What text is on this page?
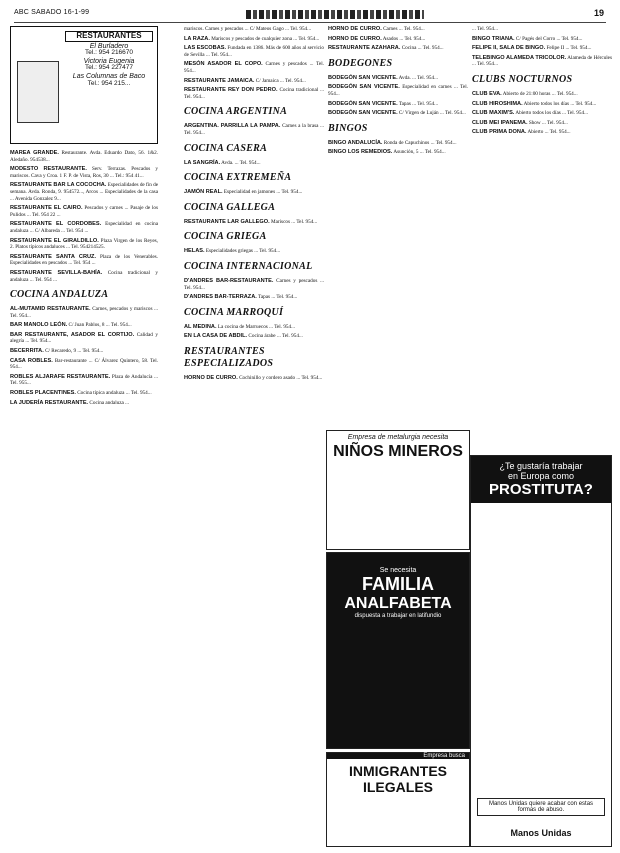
ABC SABADO 16-1-99	19
RESTAURANTES
El Burladero
Tel.: 954 216670
Victoria Eugenia
Tel.: 954 227477
Las Columnas de Baco
Tel.: 954 215...
MAREA GRANDE. Restaurante. Avda. Eduardo Dato, 56. 1&2. Aledaño. 954538...
MODESTO RESTAURANTE. Serv. Terrazas. Pescados y mariscos. Cava y Croa. 1 F. P. de Vista, Ros, 30 ... Tel.: 954 41...
RESTAURANTE BAR LA COCOCHA. Especialidades de fin de semana. Avda. Ronda, 9. 954572..., Arcos ... Especialidades de la casa ... Avenida Gonzalez 9...
RESTAURANTE EL CAIRO. Pescados y carnes ... Pasaje de los Pulidos ... Tel. 954 22 ...
RESTAURANTE EL CORDOBES. Especialidad en cocina andaluza ... C/ Albareda ... Tel. 954 ...
RESTAURANTE EL GIRALDILLO. Plaza Virgen de los Reyes, 2. Platos típicos andaluces ... Tel. 954214525.
RESTAURANTE SANTA CRUZ. Plaza de los Venerables. Especialidades en pescados ... Tel. 954 ...
RESTAURANTE SEVILLA-BAHÍA. Cocina tradicional y andaluza ... Tel. 954 ...
COCINA ANDALUZA
AL-MUTAMID RESTAURANTE. Carnes, pescados y mariscos ... Tel. 954...
BAR MANOLO LEÓN. C/ Juan Pablos, 8 ... Tel. 954...
BAR RESTAURANTE, ASADOR EL CORTIJO. Calidad y alegría ... Tel. 954...
BECERRITA. C/ Recaredo, 9 ... Tel. 954...
CASA ROBLES. Bar-restaurante ... C/ Álvarez Quintero, 58. Tel. 954...
ROBLES ALJARAFE RESTAURANTE. Plaza de Andalucía ... Tel. 955...
ROBLES PLACENTINES. Cocina típica andaluza ... Tel. 954...
LA JUDERÍA RESTAURANTE. Cocina andaluza ...
mariscos. Carnes y pescados ... C/ Mateos Gago ... Tel. 954...
LA RAZA. Mariscos y pescados de cualquier zona ... Tel. 954...
LAS ESCOBAS. Fundada en 1386. Más de 600 años al servicio de Sevilla ... Tel. 954...
MESÓN ASADOR EL COPO. Carnes y pescados ... Tel. 954...
RESTAURANTE JAMAICA. C/ Jamaica ... Tel. 954...
RESTAURANTE REY DON PEDRO. Cocina tradicional ... Tel. 954...
COCINA ARGENTINA
ARGENTINA. PARRILLA LA PAMPA. Carnes a la brasa ... Tel. 954...
COCINA CASERA
LA SANGRÍA. Avda. ... Tel. 954...
COCINA EXTREMEÑA
JAMÓN REAL. Especialidad en jamones ... Tel. 954...
COCINA GALLEGA
RESTAURANTE LAR GALLEGO. Mariscos ... Tel. 954...
COCINA GRIEGA
HELAS. Especialidades griegas ... Tel. 954...
COCINA INTERNACIONAL
D'ANDRES BAR-RESTAURANTE. Carnes y pescados ... Tel. 954...
D'ANDRES BAR-TERRAZA. Tapas ... Tel. 954...
COCINA MARROQUÍ
AL MEDINA. La cocina de Marruecos ... Tel. 954...
EN LA CASA DE ABDIL. Cocina árabe ... Tel. 954...
RESTAURANTES ESPECIALIZADOS
HORNO DE CURRO. Cochinillo y cordero asado ... Tel. 954...
HORNO DE CURRO. Carnes ... Tel. 954...
HORNO DE CURRO. Asados ... Tel. 954...
RESTAURANTE AZAHARA. Cocina ... Tel. 954...
BODEGONES
BODEGÓN SAN VICENTE. Avda. ... Tel. 954...
BODEGÓN SAN VICENTE. Especialidad en carnes ... Tel. 954...
BODEGÓN SAN VICENTE. Tapas ... Tel. 954...
BODEGÓN SAN VICENTE. C/ Virgen de Luján ... Tel. 954...
BINGOS
BINGO ANDALUCÍA. Ronda de Capuchinos ... Tel. 954...
BINGO LOS REMEDIOS. Asunción, 5 ... Tel. 954...
... Tel. 954...
BINGO TRIANA. C/ Pagés del Corro ... Tel. 954...
FELIPE II, SALA DE BINGO. Felipe II ... Tel. 954...
TELEBINGO ALAMEDA TRICOLOR. Alameda de Hércules ... Tel. 954...
CLUBS NOCTURNOS
CLUB EVA. Abierto de 21:00 horas ... Tel. 954...
CLUB HIROSHIMA. Abierto todos los días ... Tel. 954...
CLUB MAXIM'S. Abierto todos los días ... Tel. 954...
CLUB MEI IPANEMA. Show ... Tel. 954...
CLUB PRIMA DONA. Abierto ... Tel. 954...
Empresa de metalurgia necesita
NIÑOS MINEROS
Se necesita
FAMILIA
ANALFABETA
dispuesta a trabajar en latifundio
Empresa busca
INMIGRANTES
ILEGALES
¿Te gustaría trabajar
en Europa como
PROSTITUTA?
Manos Unidas quiere acabar con estas formas de abuso.
Manos Unidas
